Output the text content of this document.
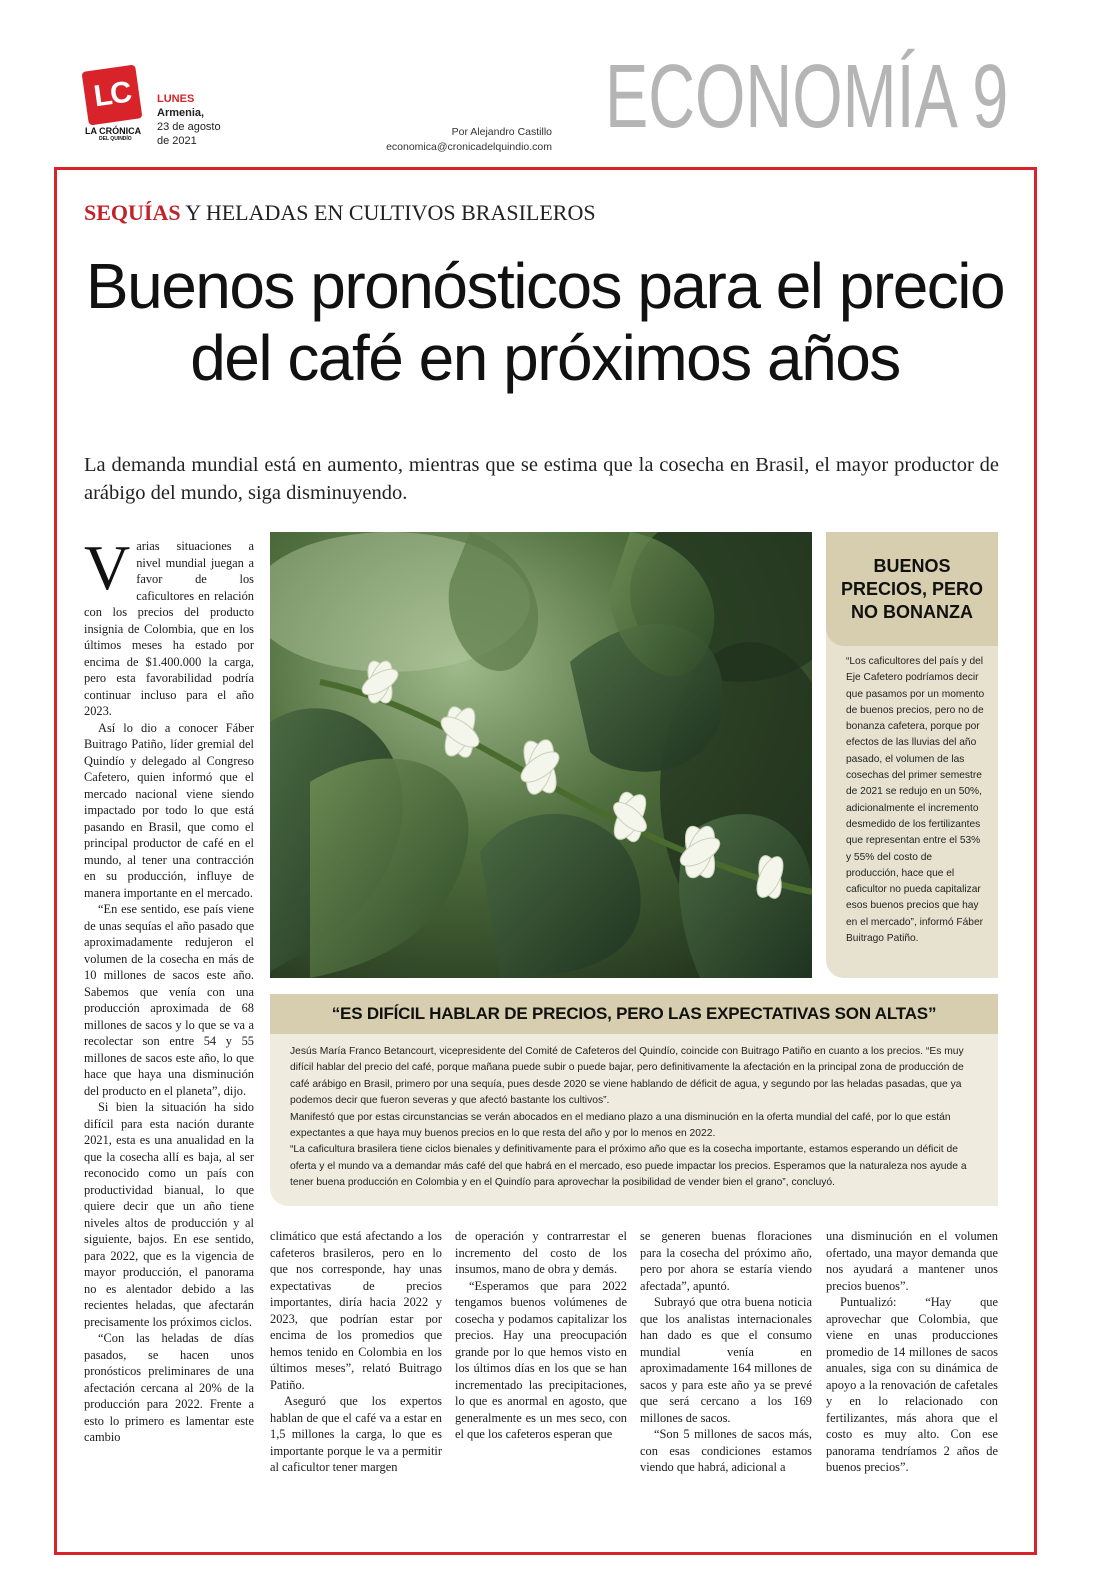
LC
LA CRÓNICA
DEL QUINDÍO
LUNES
Armenia,
23 de agosto
de 2021
Por Alejandro Castillo
economica@cronicadelquindio.com ECONOMÍA 9
SEQUÍAS Y HELADAS EN CULTIVOS BRASILEROS
Buenos pronósticos para el precio
del café en próximos años
La demanda mundial está en aumento, mientras que se estima que la cosecha en Brasil, el mayor productor de arábigo del mundo, siga disminuyendo.

Varias situaciones a nivel mundial juegan a favor de los caficultores en relación con los precios del producto insignia de Colombia, que en los últimos meses ha estado por encima de $1.400.000 la carga, pero esta favorabilidad podría continuar incluso para el año 2023.

Así lo dio a conocer Fáber Buitrago Patiño, líder gremial del Quindío y delegado al Congreso Cafetero, quien informó que el mercado nacional viene siendo impactado por todo lo que está pasando en Brasil, que como el principal productor de café en el mundo, al tener una contracción en su producción, influye de manera importante en el mercado.

“En ese sentido, ese país viene de unas sequías el año pasado que aproximadamente redujeron el volumen de la cosecha en más de 10 millones de sacos este año. Sabemos que venía con una producción aproximada de 68 millones de sacos y lo que se va a recolectar son entre 54 y 55 millones de sacos este año, lo que hace que haya una disminución del producto en el planeta”, dijo.

Si bien la situación ha sido difícil para esta nación durante 2021, esta es una anualidad en la que la cosecha allí es baja, al ser reconocido como un país con productividad bianual, lo que quiere decir que un año tiene niveles altos de producción y al siguiente, bajos. En ese sentido, para 2022, que es la vigencia de mayor producción, el panorama no es alentador debido a las recientes heladas, que afectarán precisamente los próximos ciclos.

“Con las heladas de días pasados, se hacen unos pronósticos preliminares de una afectación cercana al 20% de la producción para 2022. Frente a esto lo primero es lamentar este cambio

BUENOS PRECIOS, PERO NO BONANZA
“Los caficultores del país y del Eje Cafetero podríamos decir que pasamos por un momento de buenos precios, pero no de bonanza cafetera, porque por efectos de las lluvias del año pasado, el volumen de las cosechas del primer semestre de 2021 se redujo en un 50%, adicionalmente el incremento desmedido de los fertilizantes que representan entre el 53% y 55% del costo de producción, hace que el caficultor no pueda capitalizar esos buenos precios que hay en el mercado”, informó Fáber Buitrago Patiño.
“ES DIFÍCIL HABLAR DE PRECIOS, PERO LAS EXPECTATIVAS SON ALTAS”

Jesús María Franco Betancourt, vicepresidente del Comité de Cafeteros del Quindío, coincide con Buitrago Patiño en cuanto a los precios. “Es muy difícil hablar del precio del café, porque mañana puede subir o puede bajar, pero definitivamente la afectación en la principal zona de producción de café arábigo en Brasil, primero por una sequía, pues desde 2020 se viene hablando de déficit de agua, y segundo por las heladas pasadas, que ya podemos decir que fueron severas y que afectó bastante los cultivos”.

Manifestó que por estas circunstancias se verán abocados en el mediano plazo a una disminución en la oferta mundial del café, por lo que están expectantes a que haya muy buenos precios en lo que resta del año y por lo menos en 2022.

“La caficultura brasilera tiene ciclos bienales y definitivamente para el próximo año que es la cosecha importante, estamos esperando un déficit de oferta y el mundo va a demandar más café del que habrá en el mercado, eso puede impactar los precios. Esperamos que la naturaleza nos ayude a tener buena producción en Colombia y en el Quindío para aprovechar la posibilidad de vender bien el grano”, concluyó.

climático que está afectando a los cafeteros brasileros, pero en lo que nos corresponde, hay unas expectativas de precios importantes, diría hacia 2022 y 2023, que podrían estar por encima de los promedios que hemos tenido en Colombia en los últimos meses”, relató Buitrago Patiño.

Aseguró que los expertos hablan de que el café va a estar en 1,5 millones la carga, lo que es importante porque le va a permitir al caficultor tener margen

de operación y contrarrestar el incremento del costo de los insumos, mano de obra y demás.

“Esperamos que para 2022 tengamos buenos volúmenes de cosecha y podamos capitalizar los precios. Hay una preocupación grande por lo que hemos visto en los últimos días en los que se han incrementado las precipitaciones, lo que es anormal en agosto, que generalmente es un mes seco, con el que los cafeteros esperan que

se generen buenas floraciones para la cosecha del próximo año, pero por ahora se estaría viendo afectada”, apuntó.

Subrayó que otra buena noticia que los analistas internacionales han dado es que el consumo mundial venía en aproximadamente 164 millones de sacos y para este año ya se prevé que será cercano a los 169 millones de sacos.

“Son 5 millones de sacos más, con esas condiciones estamos viendo que habrá, adicional a

una disminución en el volumen ofertado, una mayor demanda que nos ayudará a mantener unos precios buenos”.

Puntualizó: “Hay que aprovechar que Colombia, que viene en unas producciones promedio de 14 millones de sacos anuales, siga con su dinámica de apoyo a la renovación de cafetales y en lo relacionado con fertilizantes, más ahora que el costo es muy alto. Con ese panorama tendríamos 2 años de buenos precios”.
